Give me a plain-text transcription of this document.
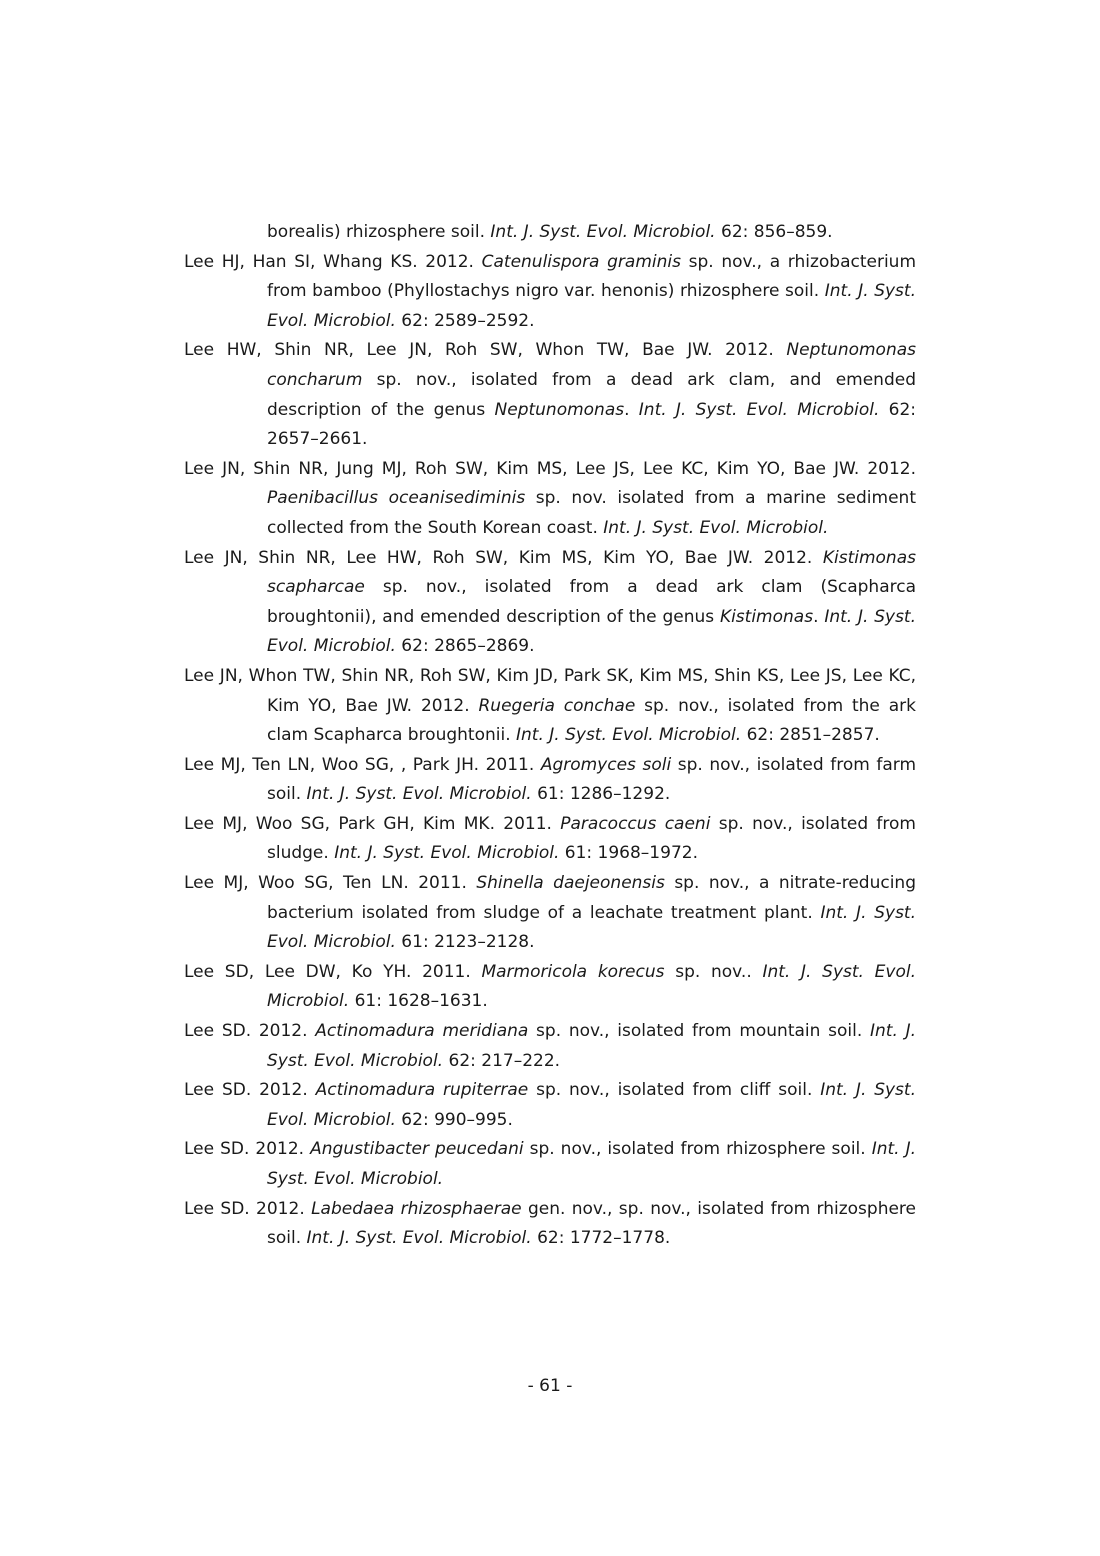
borealis) rhizosphere soil. Int. J. Syst. Evol. Microbiol. 62: 856–859.
Lee HJ, Han SI, Whang KS. 2012. Catenulispora graminis sp. nov., a rhizobacterium from bamboo (Phyllostachys nigro var. henonis) rhizosphere soil. Int. J. Syst. Evol. Microbiol. 62: 2589–2592.
Lee HW, Shin NR, Lee JN, Roh SW, Whon TW, Bae JW. 2012. Neptunomonas concharum sp. nov., isolated from a dead ark clam, and emended description of the genus Neptunomonas. Int. J. Syst. Evol. Microbiol. 62: 2657–2661.
Lee JN, Shin NR, Jung MJ, Roh SW, Kim MS, Lee JS, Lee KC, Kim YO, Bae JW. 2012. Paenibacillus oceanisediminis sp. nov. isolated from a marine sediment collected from the South Korean coast. Int. J. Syst. Evol. Microbiol.
Lee JN, Shin NR, Lee HW, Roh SW, Kim MS, Kim YO, Bae JW. 2012. Kistimonas scapharcae sp. nov., isolated from a dead ark clam (Scapharca broughtonii), and emended description of the genus Kistimonas. Int. J. Syst. Evol. Microbiol. 62: 2865–2869.
Lee JN, Whon TW, Shin NR, Roh SW, Kim JD, Park SK, Kim MS, Shin KS, Lee JS, Lee KC, Kim YO, Bae JW. 2012. Ruegeria conchae sp. nov., isolated from the ark clam Scapharca broughtonii. Int. J. Syst. Evol. Microbiol. 62: 2851–2857.
Lee MJ, Ten LN, Woo SG, , Park JH. 2011. Agromyces soli sp. nov., isolated from farm soil. Int. J. Syst. Evol. Microbiol. 61: 1286–1292.
Lee MJ, Woo SG, Park GH, Kim MK. 2011. Paracoccus caeni sp. nov., isolated from sludge. Int. J. Syst. Evol. Microbiol. 61: 1968–1972.
Lee MJ, Woo SG, Ten LN. 2011. Shinella daejeonensis sp. nov., a nitrate-reducing bacterium isolated from sludge of a leachate treatment plant. Int. J. Syst. Evol. Microbiol. 61: 2123–2128.
Lee SD, Lee DW, Ko YH. 2011. Marmoricola korecus sp. nov.. Int. J. Syst. Evol. Microbiol. 61: 1628–1631.
Lee SD. 2012. Actinomadura meridiana sp. nov., isolated from mountain soil. Int. J. Syst. Evol. Microbiol. 62: 217–222.
Lee SD. 2012. Actinomadura rupiterrae sp. nov., isolated from cliff soil. Int. J. Syst. Evol. Microbiol. 62: 990–995.
Lee SD. 2012. Angustibacter peucedani sp. nov., isolated from rhizosphere soil. Int. J. Syst. Evol. Microbiol.
Lee SD. 2012. Labedaea rhizosphaerae gen. nov., sp. nov., isolated from rhizosphere soil. Int. J. Syst. Evol. Microbiol. 62: 1772–1778.
- 61 -
